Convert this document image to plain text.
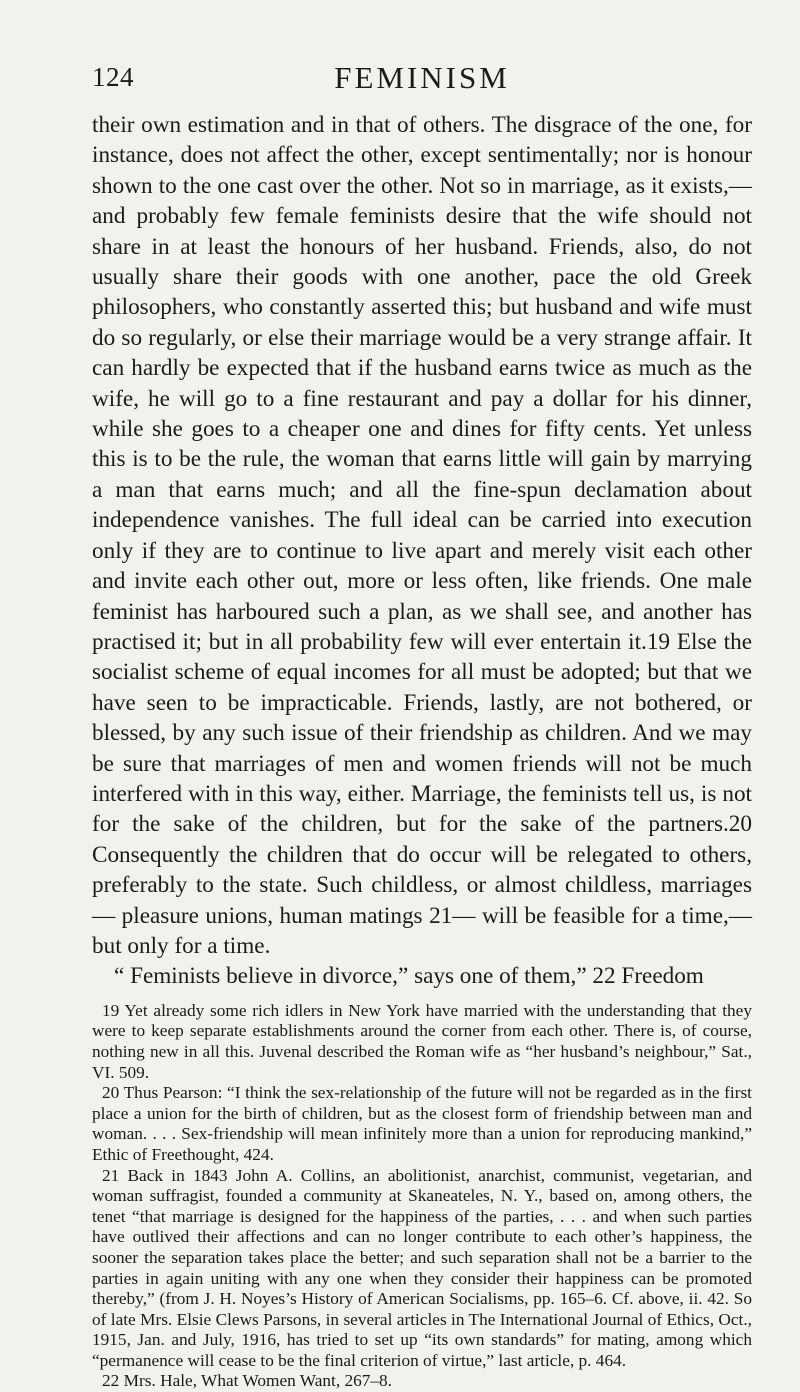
124	FEMINISM

their own estimation and in that of others. The disgrace of the one, for instance, does not affect the other, except sentimentally; nor is honour shown to the one cast over the other. Not so in marriage, as it exists,—and probably few female feminists desire that the wife should not share in at least the honours of her husband. Friends, also, do not usually share their goods with one another, pace the old Greek philosophers, who constantly asserted this; but husband and wife must do so regularly, or else their marriage would be a very strange affair. It can hardly be expected that if the husband earns twice as much as the wife, he will go to a fine restaurant and pay a dollar for his dinner, while she goes to a cheaper one and dines for fifty cents. Yet unless this is to be the rule, the woman that earns little will gain by marrying a man that earns much; and all the fine-spun declamation about independence vanishes. The full ideal can be carried into execution only if they are to continue to live apart and merely visit each other and invite each other out, more or less often, like friends. One male feminist has harboured such a plan, as we shall see, and another has practised it; but in all probability few will ever entertain it.19 Else the socialist scheme of equal incomes for all must be adopted; but that we have seen to be impracticable. Friends, lastly, are not bothered, or blessed, by any such issue of their friendship as children. And we may be sure that marriages of men and women friends will not be much interfered with in this way, either. Marriage, the feminists tell us, is not for the sake of the children, but for the sake of the partners.20 Consequently the children that do occur will be relegated to others, preferably to the state. Such childless, or almost childless, marriages — pleasure unions, human matings 21— will be feasible for a time,— but only for a time.

“ Feminists believe in divorce,” says one of them,” 22 Freedom

19 Yet already some rich idlers in New York have married with the understanding that they were to keep separate establishments around the corner from each other. There is, of course, nothing new in all this. Juvenal described the Roman wife as “her husband’s neighbour,” Sat., VI. 509.

20 Thus Pearson: “I think the sex-relationship of the future will not be regarded as in the first place a union for the birth of children, but as the closest form of friendship between man and woman. . . . Sex-friendship will mean infinitely more than a union for reproducing mankind,” Ethic of Freethought, 424.

21 Back in 1843 John A. Collins, an abolitionist, anarchist, communist, vegetarian, and woman suffragist, founded a community at Skaneateles, N. Y., based on, among others, the tenet “that marriage is designed for the happiness of the parties, . . . and when such parties have outlived their affections and can no longer contribute to each other’s happiness, the sooner the separation takes place the better; and such separation shall not be a barrier to the parties in again uniting with any one when they consider their happiness can be promoted thereby,” (from J. H. Noyes’s History of American Socialisms, pp. 165–6. Cf. above, ii. 42. So of late Mrs. Elsie Clews Parsons, in several articles in The International Journal of Ethics, Oct., 1915, Jan. and July, 1916, has tried to set up “its own standards” for mating, among which “permanence will cease to be the final criterion of virtue,” last article, p. 464.

22 Mrs. Hale, What Women Want, 267–8.
